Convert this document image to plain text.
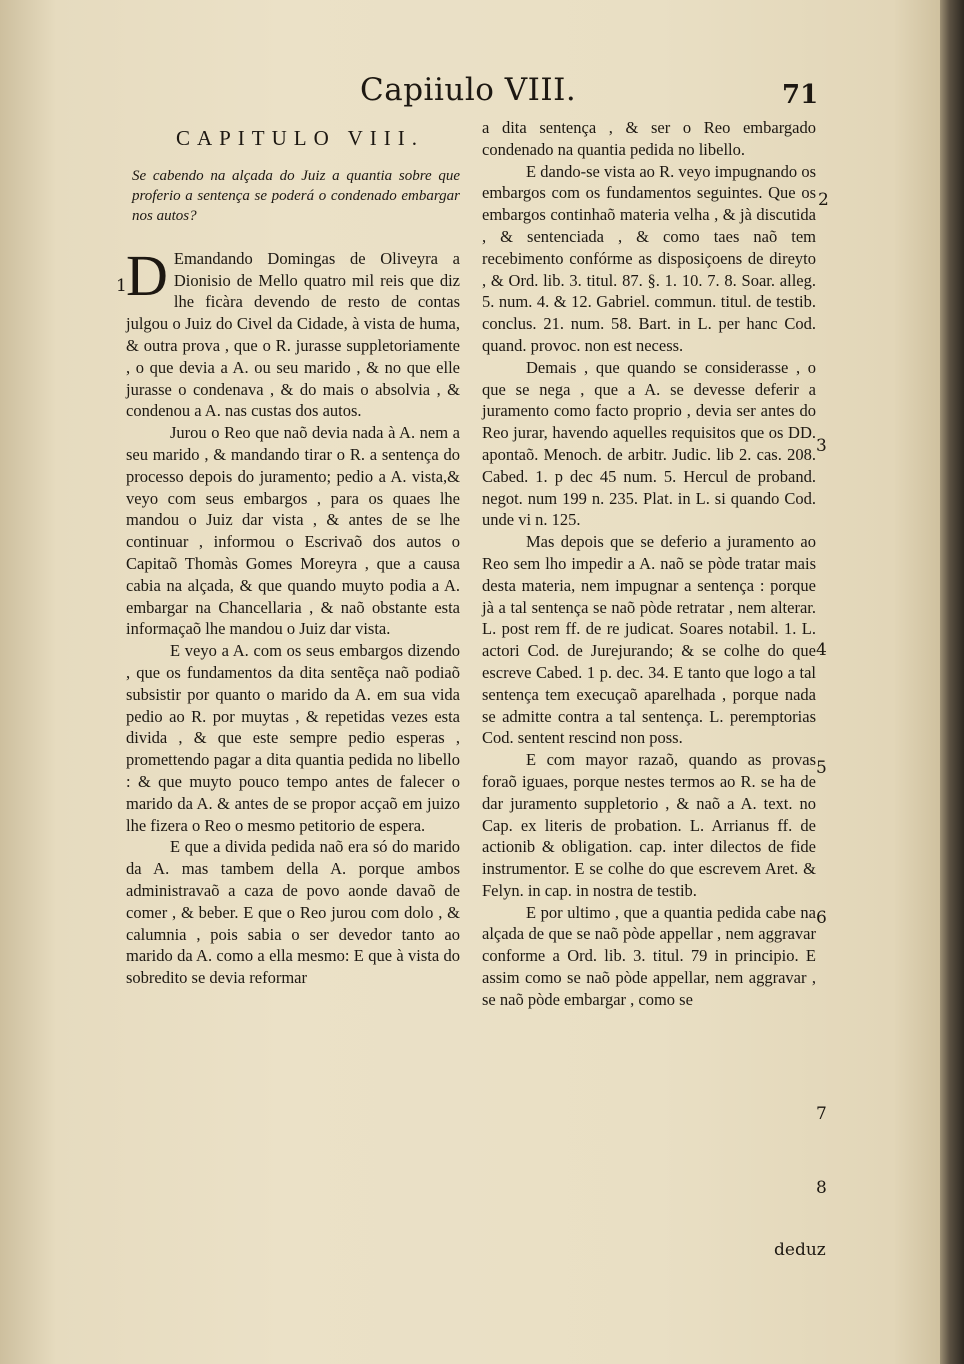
Capiiulo VIII.	71
CAPITULO VIII.

Se cabendo na alçada do Juiz a quantia sobre que proferio a sentença se poderá o condenado embargar nos autos?

D Emandando Domingas de Oliveyra a Dionisio de Mello quatro mil reis que diz lhe ficàra devendo de resto de contas julgou o Juiz do Civel da Cidade, à vista de huma, & outra prova , que o R. jurasse suppletoriamente , o que devia a A. ou seu marido , & no que elle jurasse o condenava , & do mais o absolvia , & condenou a A. nas custas dos autos.

Jurou o Reo que naõ devia nada à A. nem a seu marido , & mandando tirar o R. a sentença do processo depois do juramento; pedio a A. vista,& veyo com seus embargos , para os quaes lhe mandou o Juiz dar vista , & antes de se lhe continuar , informou o Escrivaõ dos autos o Capitaõ Thomàs Gomes Moreyra , que a causa cabia na alçada, & que quando muyto podia a A. embargar na Chancellaria , & naõ obstante esta informaçaõ lhe mandou o Juiz dar vista.

E veyo a A. com os seus embargos dizendo , que os fundamentos da dita sentẽça naõ podiaõ subsistir por quanto o marido da A. em sua vida pedio ao R. por muytas , & repetidas vezes esta divida , & que este sempre pedio esperas , promettendo pagar a dita quantia pedida no libello : & que muyto pouco tempo antes de falecer o marido da A. & antes de se propor acçaõ em juizo lhe fizera o Reo o mesmo petitorio de espera.

E que a divida pedida naõ era só do marido da A. mas tambem della A. porque ambos administravaõ a caza de povo aonde davaõ de comer , & beber. E que o Reo jurou com dolo , & calumnia , pois sabia o ser devedor tanto ao marido da A. como a ella mesmo: E que à vista do sobredito se devia reformar

a dita sentença , & ser o Reo embargado condenado na quantia pedida no libello.

E dando-se vista ao R. veyo impugnando os embargos com os fundamentos seguintes. Que os embargos continhaõ materia velha , & jà discutida , & sentenciada , & como taes naõ tem recebimento confórme as disposiçoens de direyto , & Ord. lib. 3. titul. 87. §. 1. 10. 7. 8. Soar. alleg. 5. num. 4. & 12. Gabriel. commun. titul. de testib. conclus. 21. num. 58. Bart. in L. per hanc Cod. quand. provoc. non est necess.

Demais , que quando se considerasse , o que se nega , que a A. se devesse deferir a juramento como facto proprio , devia ser antes do Reo jurar, havendo aquelles requisitos que os DD. apontaõ. Menoch. de arbitr. Judic. lib 2. cas. 208. Cabed. 1. p dec 45 num. 5. Hercul de proband. negot. num 199 n. 235. Plat. in L. si quando Cod. unde vi n. 125.

Mas depois que se deferio a juramento ao Reo sem lho impedir a A. naõ se pòde tratar mais desta materia, nem impugnar a sentença : porque jà a tal sentença se naõ pòde retratar , nem alterar. L. post rem ff. de re judicat. Soares notabil. 1. L. actori Cod. de Jurejurando; & se colhe do que escreve Cabed. 1 p. dec. 34. E tanto que logo a tal sentença tem execuçaõ aparelhada , porque nada se admitte contra a tal sentença. L. peremptorias Cod. sentent rescind non poss.

E com mayor razaõ, quando as provas foraõ iguaes, porque nestes termos ao R. se ha de dar juramento suppletorio , & naõ a A. text. no Cap. ex literis de probation. L. Arrianus ff. de actionib & obligation. cap. inter dilectos de fide instrumentor. E se colhe do que escrevem Aret. & Felyn. in cap. in nostra de testib.

E por ultimo , que a quantia pedida cabe na alçada de que se naõ pòde appellar , nem aggravar conforme a Ord. lib. 3. titul. 79 in principio. E assim como se naõ pòde appellar, nem aggravar , se naõ pòde embargar , como se

1
2
3
4
5
6
7
8
deduz
